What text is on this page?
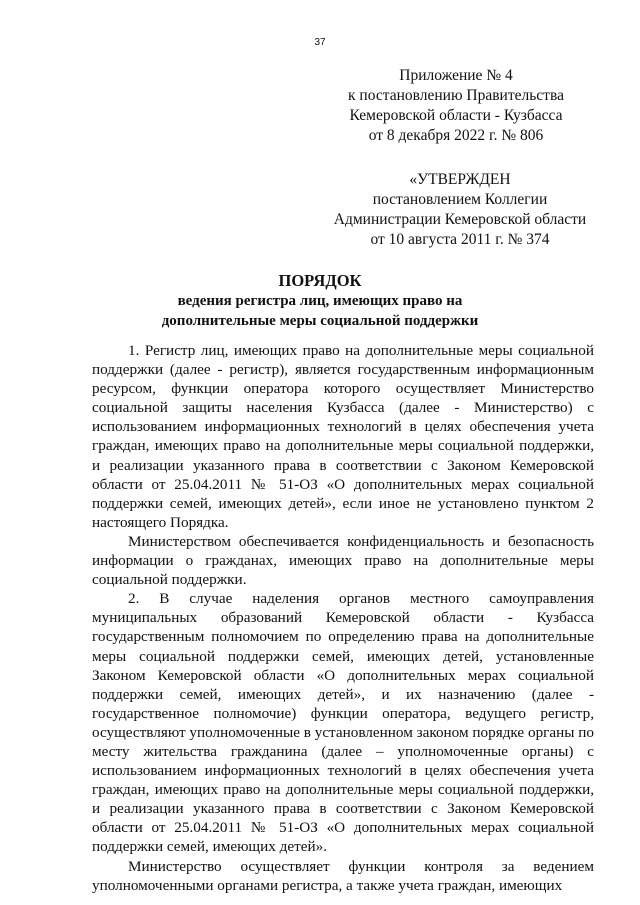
37
Приложение № 4
к постановлению Правительства
Кемеровской области - Кузбасса
от 8 декабря 2022 г. № 806
«УТВЕРЖДЕН
постановлением Коллегии
Администрации Кемеровской области
от 10 августа 2011 г. № 374
ПОРЯДОК
ведения регистра лиц, имеющих право на
дополнительные меры социальной поддержки

1. Регистр лиц, имеющих право на дополнительные меры социальной поддержки (далее - регистр), является государственным информационным ресурсом, функции оператора которого осуществляет Министерство социальной защиты населения Кузбасса (далее - Министерство) с использованием информационных технологий в целях обеспечения учета граждан, имеющих право на дополнительные меры социальной поддержки, и реализации указанного права в соответствии с Законом Кемеровской области от 25.04.2011 № 51-ОЗ «О дополнительных мерах социальной поддержки семей, имеющих детей», если иное не установлено пунктом 2 настоящего Порядка.

Министерством обеспечивается конфиденциальность и безопасность информации о гражданах, имеющих право на дополнительные меры социальной поддержки.

2. В случае наделения органов местного самоуправления муниципальных образований Кемеровской области - Кузбасса государственным полномочием по определению права на дополнительные меры социальной поддержки семей, имеющих детей, установленные Законом Кемеровской области «О дополнительных мерах социальной поддержки семей, имеющих детей», и их назначению (далее - государственное полномочие) функции оператора, ведущего регистр, осуществляют уполномоченные в установленном законом порядке органы по месту жительства гражданина (далее – уполномоченные органы) с использованием информационных технологий в целях обеспечения учета граждан, имеющих право на дополнительные меры социальной поддержки, и реализации указанного права в соответствии с Законом Кемеровской области от 25.04.2011 № 51-ОЗ «О дополнительных мерах социальной поддержки семей, имеющих детей».

Министерство осуществляет функции контроля за ведением уполномоченными органами регистра, а также учета граждан, имеющих
